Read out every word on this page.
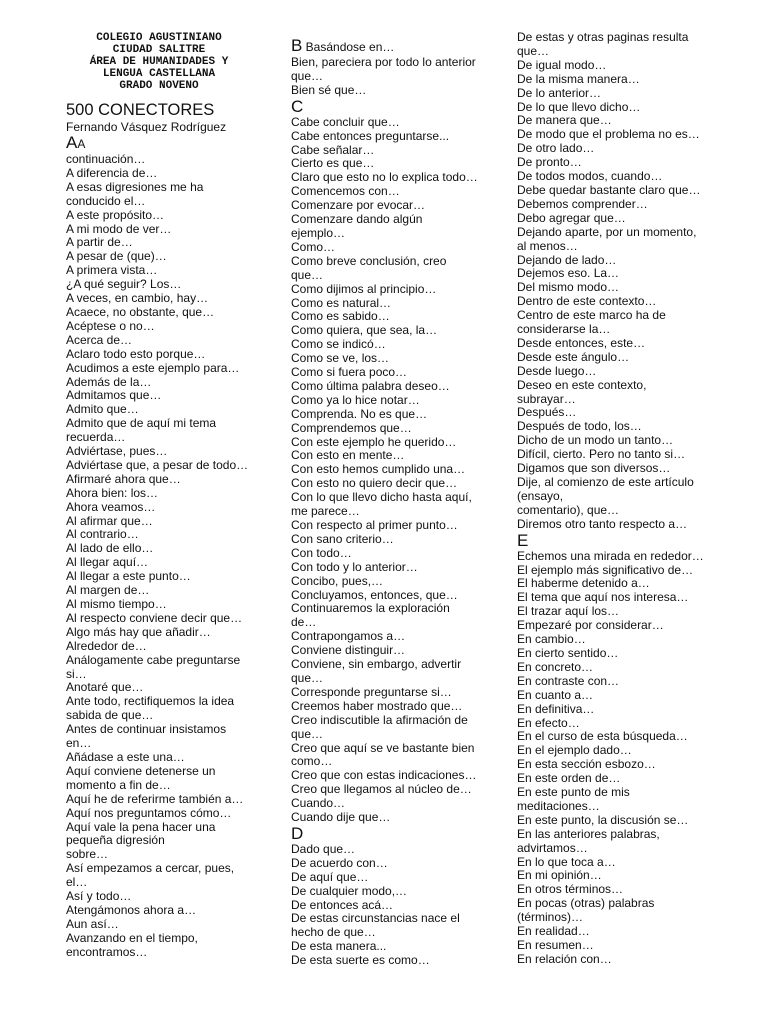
COLEGIO AGUSTINIANO
CIUDAD SALITRE
ÁREA DE HUMANIDADES Y
LENGUA CASTELLANA
GRADO NOVENO
500 CONECTORES
Fernando Vásquez Rodríguez
AA
continuación…
A diferencia de…
A esas digresiones me ha
conducido el…
A este propósito…
A mi modo de ver…
A partir de…
A pesar de (que)…
A primera vista…
¿A qué seguir? Los…
A veces, en cambio, hay…
Acaece, no obstante, que…
Acéptese o no…
Acerca de…
Aclaro todo esto porque…
Acudimos a este ejemplo para…
Además de la…
Admitamos que…
Admito que…
Admito que de aquí mi tema
recuerda…
Adviértase, pues…
Adviértase que, a pesar de todo…
Afirmaré ahora que…
Ahora bien: los…
Ahora veamos…
Al afirmar que…
Al contrario…
Al lado de ello…
Al llegar aquí…
Al llegar a este punto…
Al margen de…
Al mismo tiempo…
Al respecto conviene decir que…
Algo más hay que añadir…
Alrededor de…
Análogamente cabe preguntarse
si…
Anotaré que…
Ante todo, rectifiquemos la idea
sabida de que…
Antes de continuar insistamos
en…
Añádase a este una…
Aquí conviene detenerse un
momento a fin de…
Aquí he de referirme también a…
Aquí nos preguntamos cómo…
Aquí vale la pena hacer una
pequeña digresión
sobre…
Así empezamos a cercar, pues,
el…
Así y todo…
Atengámonos ahora a…
Aun así…
Avanzando en el tiempo,
encontramos…
B Basándose en…
Bien, pareciera por todo lo anterior
que…
Bien sé que…
C
Cabe concluir que…
Cabe entonces preguntarse...
Cabe señalar…
Cierto es que…
Claro que esto no lo explica todo…
Comencemos con…
Comenzare por evocar…
Comenzare dando algún
ejemplo…
Como…
Como breve conclusión, creo
que…
Como dijimos al principio…
Como es natural…
Como es sabido…
Como quiera, que sea, la…
Como se indicó…
Como se ve, los…
Como si fuera poco…
Como última palabra deseo…
Como ya lo hice notar…
Comprenda. No es que…
Comprendemos que…
Con este ejemplo he querido…
Con esto en mente…
Con esto hemos cumplido una…
Con esto no quiero decir que…
Con lo que llevo dicho hasta aquí,
me parece…
Con respecto al primer punto…
Con sano criterio…
Con todo…
Con todo y lo anterior…
Concibo, pues,…
Concluyamos, entonces, que…
Continuaremos la exploración
de…
Contrapongamos a…
Conviene distinguir…
Conviene, sin embargo, advertir
que…
Corresponde preguntarse si…
Creemos haber mostrado que…
Creo indiscutible la afirmación de
que…
Creo que aquí se ve bastante bien
como…
Creo que con estas indicaciones…
Creo que llegamos al núcleo de…
Cuando…
Cuando dije que…
D
Dado que…
De acuerdo con…
De aquí que…
De cualquier modo,…
De entonces acá…
De estas circunstancias nace el
hecho de que…
De esta manera...
De esta suerte es como…
De estas y otras paginas resulta
que…
De igual modo…
De la misma manera…
De lo anterior…
De lo que llevo dicho…
De manera que…
De modo que el problema no es…
De otro lado…
De pronto…
De todos modos, cuando…
Debe quedar bastante claro que…
Debemos comprender…
Debo agregar que…
Dejando aparte, por un momento,
al menos…
Dejando de lado…
Dejemos eso. La…
Del mismo modo…
Dentro de este contexto…
Centro de este marco ha de
considerarse la…
Desde entonces, este…
Desde este ángulo…
Desde luego…
Deseo en este contexto,
subrayar…
Después…
Después de todo, los…
Dicho de un modo un tanto…
Difícil, cierto. Pero no tanto si…
Digamos que son diversos…
Dije, al comienzo de este artículo
(ensayo,
comentario), que…
Diremos otro tanto respecto a…
E
Echemos una mirada en rededor…
El ejemplo más significativo de…
El haberme detenido a…
El tema que aquí nos interesa…
El trazar aquí los…
Empezaré por considerar…
En cambio…
En cierto sentido…
En concreto…
En contraste con…
En cuanto a…
En definitiva…
En efecto…
En el curso de esta búsqueda…
En el ejemplo dado…
En esta sección esbozo…
En este orden de…
En este punto de mis
meditaciones…
En este punto, la discusión se…
En las anteriores palabras,
advirtamos…
En lo que toca a…
En mi opinión…
En otros términos…
En pocas (otras) palabras
(términos)…
En realidad…
En resumen…
En relación con…
